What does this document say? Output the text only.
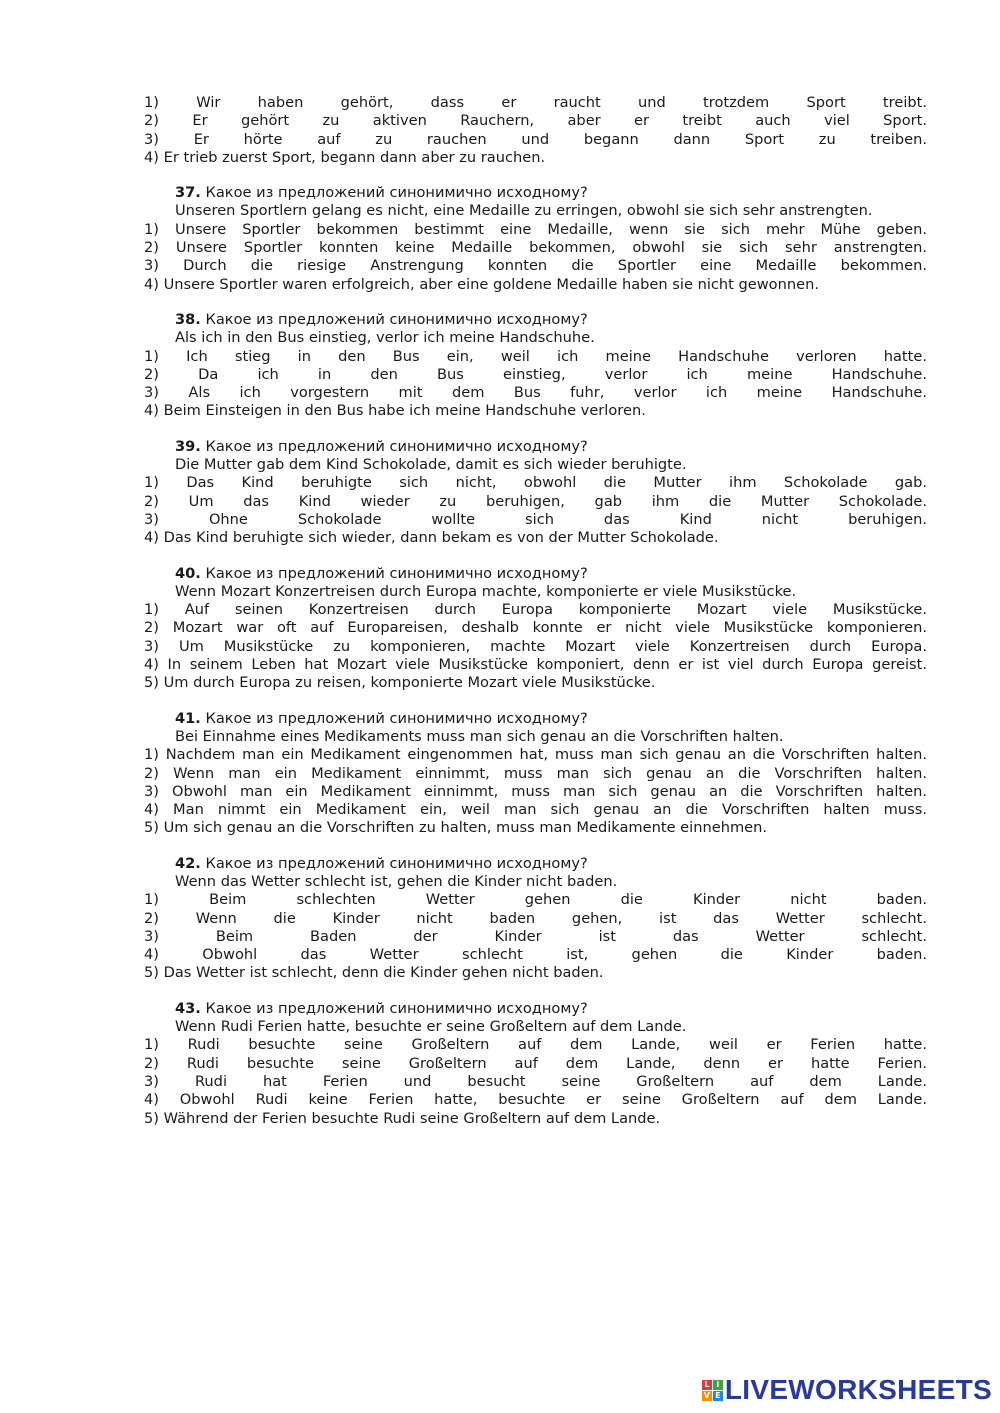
1) Wir haben gehört, dass er raucht und trotzdem Sport treibt.
2) Er gehört zu aktiven Rauchern, aber er treibt auch viel Sport.
3) Er hörte auf zu rauchen und begann dann Sport zu treiben.
4) Er trieb zuerst Sport, begann dann aber zu rauchen.
37. Какое из предложений синонимично исходному?
Unseren Sportlern gelang es nicht, eine Medaille zu erringen, obwohl sie sich sehr anstrengten.
1) Unsere Sportler bekommen bestimmt eine Medaille, wenn sie sich mehr Mühe geben.
2) Unsere Sportler konnten keine Medaille bekommen, obwohl sie sich sehr anstrengten.
3) Durch die riesige Anstrengung konnten die Sportler eine Medaille bekommen.
4) Unsere Sportler waren erfolgreich, aber eine goldene Medaille haben sie nicht gewonnen.
38. Какое из предложений синонимично исходному?
Als ich in den Bus einstieg, verlor ich meine Handschuhe.
1) Ich stieg in den Bus ein, weil ich meine Handschuhe verloren hatte.
2) Da ich in den Bus einstieg, verlor ich meine Handschuhe.
3) Als ich vorgestern mit dem Bus fuhr, verlor ich meine Handschuhe.
4) Beim Einsteigen in den Bus habe ich meine Handschuhe verloren.
39. Какое из предложений синонимично исходному?
Die Mutter gab dem Kind Schokolade, damit es sich wieder beruhigte.
1) Das Kind beruhigte sich nicht, obwohl die Mutter ihm Schokolade gab.
2) Um das Kind wieder zu beruhigen, gab ihm die Mutter Schokolade.
3) Ohne Schokolade wollte sich das Kind nicht beruhigen.
4) Das Kind beruhigte sich wieder, dann bekam es von der Mutter Schokolade.
40. Какое из предложений синонимично исходному?
Wenn Mozart Konzertreisen durch Europa machte, komponierte er viele Musikstücke.
1) Auf seinen Konzertreisen durch Europa komponierte Mozart viele Musikstücke.
2) Mozart war oft auf Europareisen, deshalb konnte er nicht viele Musikstücke komponieren.
3) Um Musikstücke zu komponieren, machte Mozart viele Konzertreisen durch Europa.
4) In seinem Leben hat Mozart viele Musikstücke komponiert, denn er ist viel durch Europa gereist.
5) Um durch Europa zu reisen, komponierte Mozart viele Musikstücke.
41. Какое из предложений синонимично исходному?
Bei Einnahme eines Medikaments muss man sich genau an die Vorschriften halten.
1) Nachdem man ein Medikament eingenommen hat, muss man sich genau an die Vorschriften halten.
2) Wenn man ein Medikament einnimmt, muss man sich genau an die Vorschriften halten.
3) Obwohl man ein Medikament einnimmt, muss man sich genau an die Vorschriften halten.
4) Man nimmt ein Medikament ein, weil man sich genau an die Vorschriften halten muss.
5) Um sich genau an die Vorschriften zu halten, muss man Medikamente einnehmen.
42. Какое из предложений синонимично исходному?
Wenn das Wetter schlecht ist, gehen die Kinder nicht baden.
1) Beim schlechten Wetter gehen die Kinder nicht baden.
2) Wenn die Kinder nicht baden gehen, ist das Wetter schlecht.
3) Beim Baden der Kinder ist das Wetter schlecht.
4) Obwohl das Wetter schlecht ist, gehen die Kinder baden.
5) Das Wetter ist schlecht, denn die Kinder gehen nicht baden.
43. Какое из предложений синонимично исходному?
Wenn Rudi Ferien hatte, besuchte er seine Großeltern auf dem Lande.
1) Rudi besuchte seine Großeltern auf dem Lande, weil er Ferien hatte.
2) Rudi besuchte seine Großeltern auf dem Lande, denn er hatte Ferien.
3) Rudi hat Ferien und besucht seine Großeltern auf dem Lande.
4) Obwohl Rudi keine Ferien hatte, besuchte er seine Großeltern auf dem Lande.
5) Während der Ferien besuchte Rudi seine Großeltern auf dem Lande.
L I
V E LIVEWORKSHEETS
